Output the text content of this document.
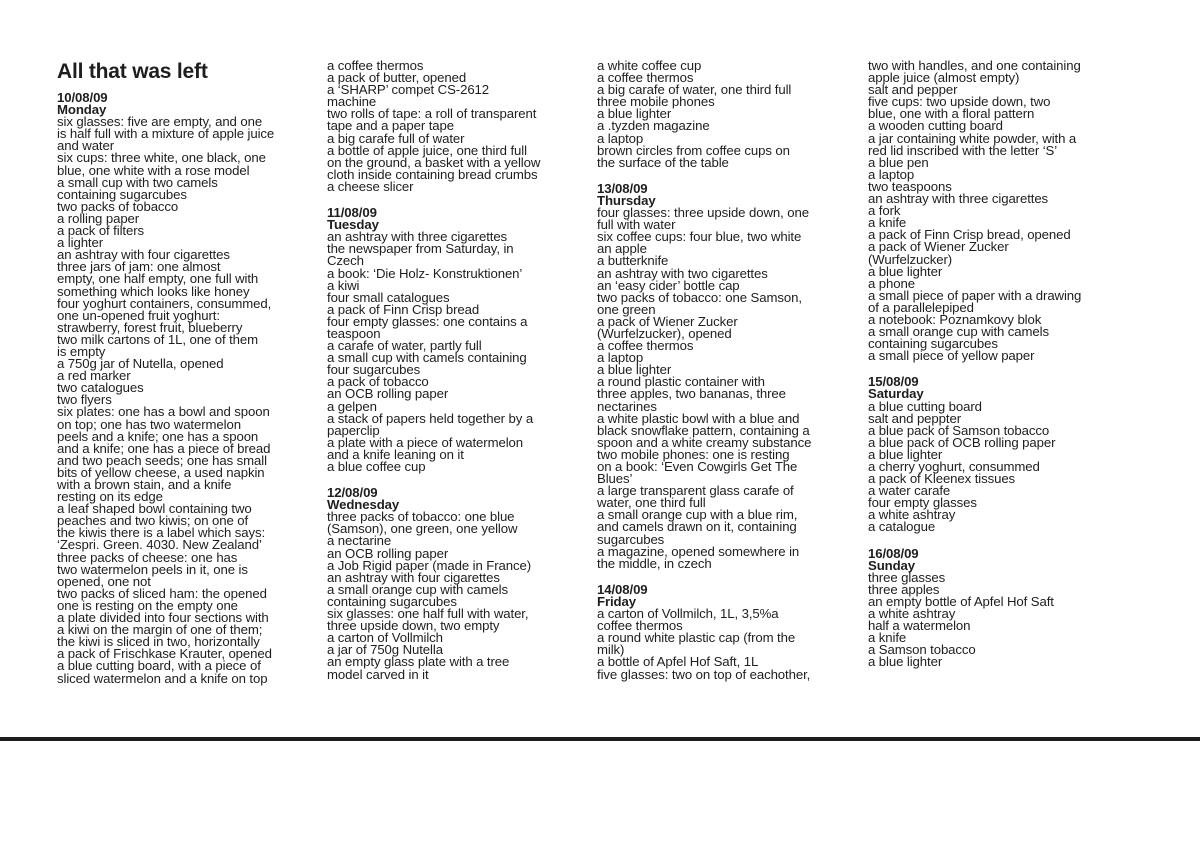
All that was left
10/08/09
Monday
six glasses: five are empty, and one
is half full with a mixture of apple juice
and water
six cups: three white, one black, one
blue, one white with a rose model
a small cup with two camels
containing sugarcubes
two packs of tobacco
a rolling paper
a pack of filters
a lighter
an ashtray with four cigarettes
three jars of jam: one almost
empty, one half empty, one full with
something which looks like honey
four yoghurt containers, consummed,
one un-opened fruit yoghurt:
strawberry, forest fruit, blueberry
two milk cartons of 1L, one of them
is empty
a 750g jar of Nutella, opened
a red marker
two catalogues
two flyers
six plates: one has a bowl and spoon
on top; one has two watermelon
peels and a knife; one has a spoon
and a knife; one has a piece of bread
and two peach seeds; one has small
bits of yellow cheese, a used napkin
with a brown stain, and a knife
resting on its edge
a leaf shaped bowl containing two
peaches and two kiwis; on one of
the kiwis there is a label which says:
‘Zespri. Green. 4030. New Zealand’
three packs of cheese: one has
two watermelon peels in it, one is
opened, one not
two packs of sliced ham: the opened
one is resting on the empty one
a plate divided into four sections with
a kiwi on the margin of one of them;
the kiwi is sliced in two, horizontally
a pack of Frischkase Krauter, opened
a blue cutting board, with a piece of
sliced watermelon and a knife on top
a coffee thermos
a pack of butter, opened
a ‘SHARP’ compet CS-2612
machine
two rolls of tape: a roll of transparent
tape and a paper tape
a big carafe full of water
a bottle of apple juice, one third full
on the ground, a basket with a yellow
cloth inside containing bread crumbs
a cheese slicer
11/08/09
Tuesday
an ashtray with three cigarettes
the newspaper from Saturday, in
Czech
a book: ‘Die Holz- Konstruktionen’
a kiwi
four small catalogues
a pack of Finn Crisp bread
four empty glasses: one contains a
teaspoon
a carafe of water, partly full
a small cup with camels containing
four sugarcubes
a pack of tobacco
an OCB rolling paper
a gelpen
a stack of papers held together by a
paperclip
a plate with a piece of watermelon
and a knife leaning on it
a blue coffee cup
12/08/09
Wednesday
three packs of tobacco: one blue
(Samson), one green, one yellow
a nectarine
an OCB rolling paper
a Job Rigid paper (made in France)
an ashtray with four cigarettes
a small orange cup with camels
containing sugarcubes
six glasses: one half full with water,
three upside down, two empty
a carton of Vollmilch
a jar of 750g Nutella
an empty glass plate with a tree
model carved in it
a white coffee cup
a coffee thermos
a big carafe of water, one third full
three mobile phones
a blue lighter
a .tyzden magazine
a laptop
brown circles from coffee cups on
the surface of the table
13/08/09
Thursday
four glasses: three upside down, one
full with water
six coffee cups: four blue, two white
an apple
a butterknife
an ashtray with two cigarettes
an ‘easy cider’ bottle cap
two packs of tobacco: one Samson,
one green
a pack of Wiener Zucker
(Wurfelzucker), opened
a coffee thermos
a laptop
a blue lighter
a round plastic container with
three apples, two bananas, three
nectarines
a white plastic bowl with a blue and
black snowflake pattern, containing a
spoon and a white creamy substance
two mobile phones: one is resting
on a book: ‘Even Cowgirls Get The
Blues’
a large transparent glass carafe of
water, one third full
a small orange cup with a blue rim,
and camels drawn on it, containing
sugarcubes
a magazine, opened somewhere in
the middle, in czech
14/08/09
Friday
a carton of Vollmilch, 1L, 3,5%a
coffee thermos
a round white plastic cap (from the
milk)
a bottle of Apfel Hof Saft, 1L
five glasses: two on top of eachother,
two with handles, and one containing
apple juice (almost empty)
salt and pepper
five cups: two upside down, two
blue, one with a floral pattern
a wooden cutting board
a jar containing white powder, with a
red lid inscribed with the letter ‘S’
a blue pen
a laptop
two teaspoons
an ashtray with three cigarettes
a fork
a knife
a pack of Finn Crisp bread, opened
a pack of Wiener Zucker
(Wurfelzucker)
a blue lighter
a phone
a small piece of paper with a drawing
of a parallelepiped
a notebook: Poznamkovy blok
a small orange cup with camels
containing sugarcubes
a small piece of yellow paper
15/08/09
Saturday
a blue cutting board
salt and peppter
a blue pack of Samson tobacco
a blue pack of OCB rolling paper
a blue lighter
a cherry yoghurt, consummed
a pack of Kleenex tissues
a water carafe
four empty glasses
a white ashtray
a catalogue
16/08/09
Sunday
three glasses
three apples
an empty bottle of Apfel Hof Saft
a white ashtray
half a watermelon
a knife
a Samson tobacco
a blue lighter
